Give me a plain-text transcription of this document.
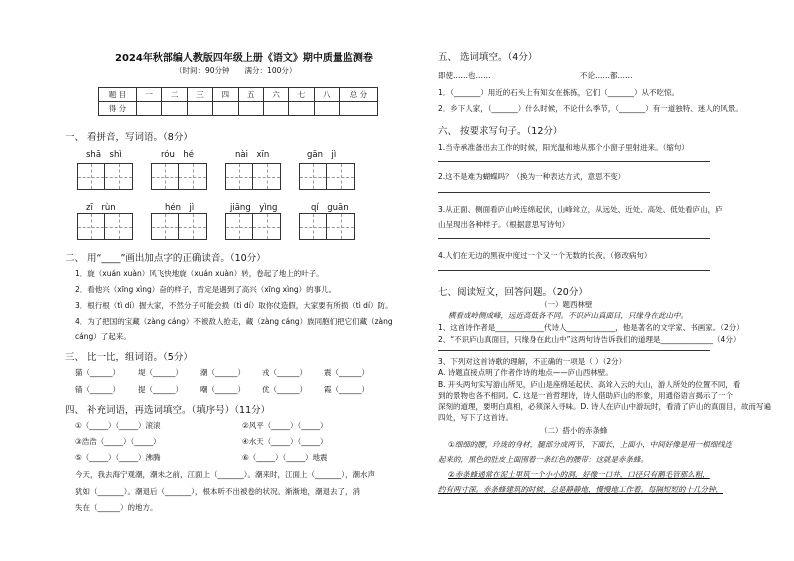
2024年秋部编人教版四年级上册《语文》期中质量监测卷
（时间：90分钟　　满分：100分）
题 目	一	二	三	四	五	六	七	八	总 分
得 分									
一、 看拼音，写词语。（8分）
shā　shì	róu　hé	nài　xīn	gān　jì
zī　rùn	hén　jì	jiāng　yìng	qí　guān
二、 用“____”画出加点字的正确读音。（10分）
1．旋（xuán xuàn）风飞快地旋（xuán xuàn）转，卷起了地上的叶子。
2．看他兴（xīng xìng）奋的样子，肯定是遇到了高兴（xīng xìng）的事儿。
3．根行根（tì dí）握大家，不然分子可能会损（tì dí）取你仗造假，大家要有所损（tì dí）防。
4．为了把国的宝藏（zàng cáng）不被敌人抢走，藏（zàng cáng）族同胞们把它们藏（zàng
cáng）了起来。
三、 比一比，组词语。（5分）
猫（______） 堤（______） 潮（______） 戎（______） 震（______）
锚（______） 提（______） 嘲（______） 优（______） 霞（______）
四、 补充词语，再选词填空。（填序号）（11分）
①（_____）（_____）滚滚	②风平（_____）（_____）
③浩浩（_____）（_____）	④水天（_____）（_____）
⑤（_____）（_____）沸腾	⑥（_____）（_____）地震
今天，我去海宁观潮，潮未之前，江面上（_______）。潮来时，江面上（_______），潮水声
犹如（_______）。潮退后（_______），根本听不出被卷的状况。渐渐地，潮退去了，消
失在（______）的地方。
五、 选词填空。（4分）
即使……也……	不论……都……
1．（_______）用近的石头上有知女在拣拣，它们（_______）从不吃惊。
2．乡下人家，（_______）什么时候，不论什么季节，（_______）有一道独特、迷人的风景。
六、 按要求写句子。（12分）
1.当寺承准备出去工作的时候，阳光温和地从那个小窗子里射进来。（缩句）
2.这不是难为蝴蝶吗？（换为一种表达方式，意思不变）
3.从正面、侧面看庐山岭连绵起伏，山峰耸立，从远处、近处、高处、低处看庐山，庐
山呈现出各种样子。（根据意思写诗句）
4.人们在无边的黑夜中度过一个又一个无数的长夜。（修改病句）
七、阅读短文，回答问题。（20分）
（一）题西林壁
横看成岭侧成峰，远近高低各不同。不识庐山真面目，只缘身在此山中。
1、这首诗作者是_____________代诗人_____________，他是著名的文学家、书画家。（2分）
2、“不识庐山真面目，只缘身在此山中”这两句诗告诉我们的道理是______________（4分）
3、下列对这首诗歌的理解，不正确的一项是（ ）（2分）
A. 诗题直接点明了作者作诗的地点——庐山西林壁。
B. 开头两句实写游山所见，庐山是座绵延起伏、高耸入云的大山，游人所处的位置不同，看
到的景物也各不相同。C. 这是一首哲理诗，诗人借助庐山的形象，用通俗语言揭示了一个
深刻的道理，要明白真相，必须深入寻味。D. 诗人在庐山中游玩时，看清了庐山的真面目，故而写遍
四处，写下了这首诗。
（二）搭小的赤条蜂
①细细的腰，玲珑的身材，腿部分成两节，下面长，上面小，中间好像是用一根细线连
起来的，黑色的肚皮上面围着一条红色的腰带：这就是赤条蜂。
②赤条蜂通常在泥土里筑一个小小的洞，好像一口井，口径只有鹅毛管那么粗，
约有两寸深。赤条蜂建筑的时候，总是静静地、慢慢地工作着。每隔短短的十几分钟，
